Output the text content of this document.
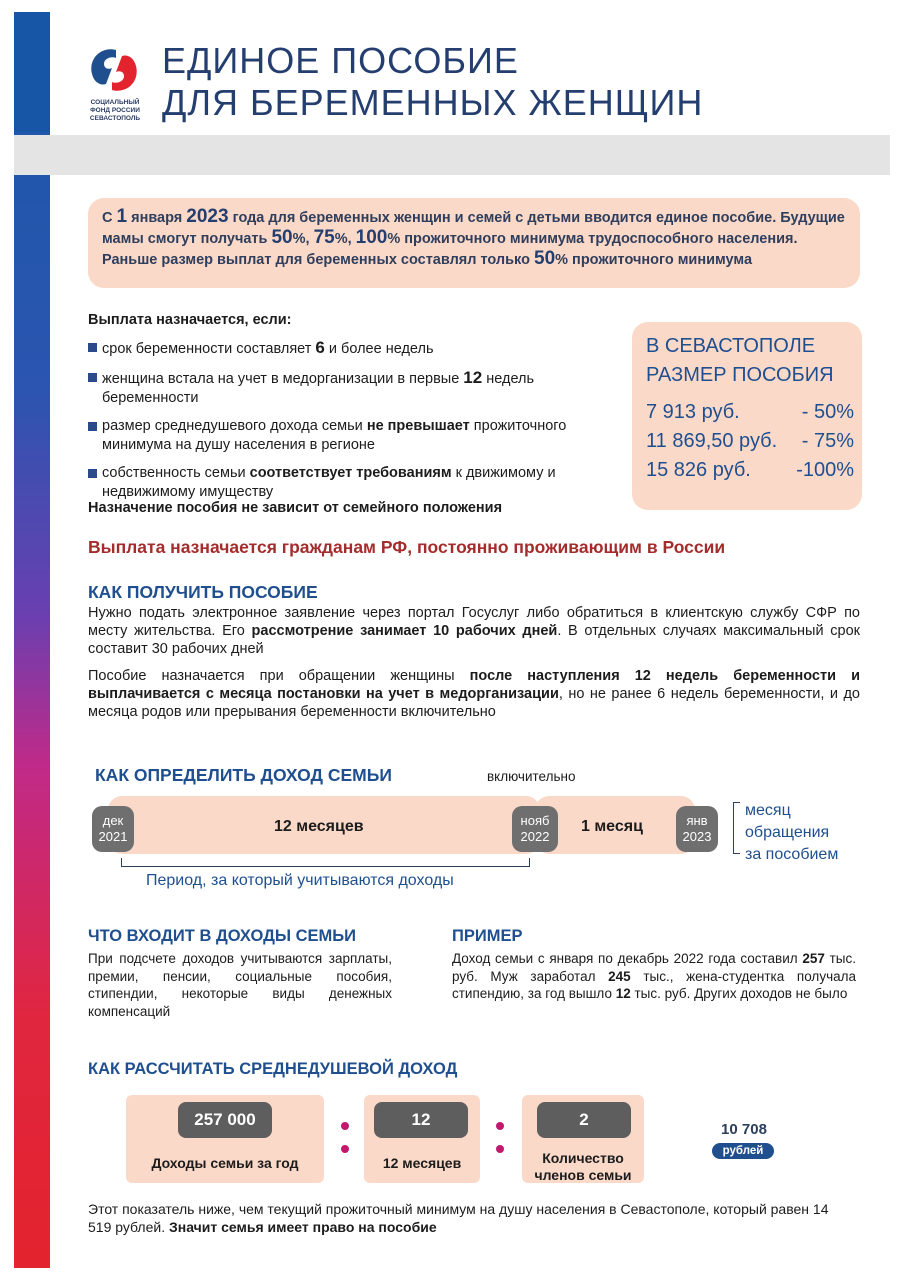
СОЦИАЛЬНЫЙ
ФОНД РОССИИ
СЕВАСТОПОЛЬ
ЕДИНОЕ ПОСОБИЕ
ДЛЯ БЕРЕМЕННЫХ ЖЕНЩИН
С 1 января 2023 года для беременных женщин и семей с детьми вводится единое пособие. Будущие мамы смогут получать 50%, 75%, 100% прожиточного минимума трудоспособного населения. Раньше размер выплат для беременных составлял только 50% прожиточного минимума
Выплата назначается, если:
срок беременности составляет 6 и более недель
женщина встала на учет в медорганизации в первые 12 недель беременности
размер среднедушевого дохода семьи не превышает прожиточного минимума на душу населения в регионе
собственность семьи соответствует требованиям к движимому и недвижимому имуществу
Назначение пособия не зависит от семейного положения
В СЕВАСТОПОЛЕ
РАЗМЕР ПОСОБИЯ
7 913 руб.	- 50%
11 869,50 руб. - 75%
15 826 руб. -100%
Выплата назначается гражданам РФ, постоянно проживающим в России
КАК ПОЛУЧИТЬ ПОСОБИЕ
Нужно подать электронное заявление через портал Госуслуг либо обратиться в клиентскую службу СФР по месту жительства. Его рассмотрение занимает 10 рабочих дней. В отдельных случаях максимальный срок составит 30 рабочих дней
Пособие назначается при обращении женщины после наступления 12 недель беременности и выплачивается с месяца постановки на учет в медорганизации, но не ранее 6 недель беременности, и до месяца родов или прерывания беременности включительно
КАК ОПРЕДЕЛИТЬ ДОХОД СЕМЬИ	включительно
12 месяцев	1 месяц
дек
2021
нояб
2022
янв
2023
месяц
обращения
за пособием
Период, за который учитываются доходы
ЧТО ВХОДИТ В ДОХОДЫ СЕМЬИ
При подсчете доходов учитываются зарплаты, премии, пенсии, социальные пособия, стипендии, некоторые виды денежных компенсаций
ПРИМЕР
Доход семьи с января по декабрь 2022 года составил 257 тыс. руб. Муж заработал 245 тыс., жена-студентка получала стипендию, за год вышло 12 тыс. руб. Других доходов не было
КАК РАССЧИТАТЬ СРЕДНЕДУШЕВОЙ ДОХОД
257 000
Доходы семьи за год
12
12 месяцев
2
Количество
членов семьи
10 708
рублей
Этот показатель ниже, чем текущий прожиточный минимум на душу населения в Севастополе, который равен 14 519 рублей. Значит семья имеет право на пособие
